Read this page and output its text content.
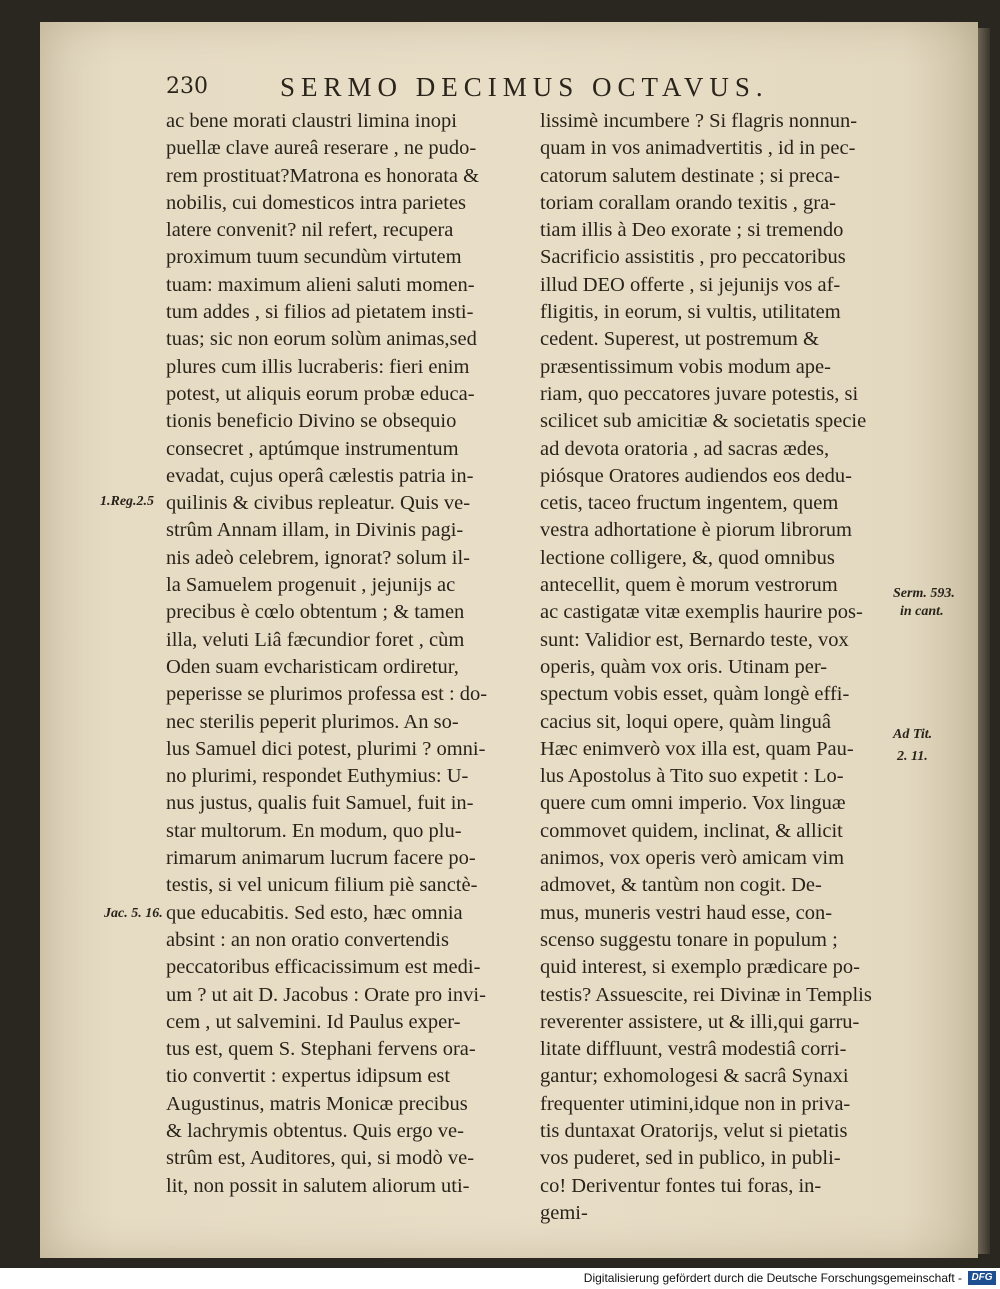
230	SERMO DECIMUS OCTAVUS.
ac bene morati claustri limina inopi
puellæ clave aureâ reserare , ne pudo-
rem prostituat?Matrona es honorata &
nobilis, cui domesticos intra parietes
latere convenit? nil refert, recupera
proximum tuum secundùm virtutem
tuam: maximum alieni saluti momen-
tum addes , si filios ad pietatem insti-
tuas; sic non eorum solùm animas,sed
plures cum illis lucraberis: fieri enim
potest, ut aliquis eorum probæ educa-
tionis beneficio Divino se obsequio
consecret , aptúmque instrumentum
evadat, cujus operâ cælestis patria in-
quilinis & civibus repleatur. Quis ve-
strûm Annam illam, in Divinis pagi-
nis adeò celebrem, ignorat? solum il-
la Samuelem progenuit , jejunijs ac
precibus è cœlo obtentum ; & tamen
illa, veluti Liâ fæcundior foret , cùm
Oden suam evcharisticam ordiretur,
peperisse se plurimos professa est : do-
nec sterilis peperit plurimos. An so-
lus Samuel dici potest, plurimi ? omni-
no plurimi, respondet Euthymius: U-
nus justus, qualis fuit Samuel, fuit in-
star multorum. En modum, quo plu-
rimarum animarum lucrum facere po-
testis, si vel unicum filium piè sanctè-
que educabitis. Sed esto, hæc omnia
absint : an non oratio convertendis
peccatoribus efficacissimum est medi-
um ? ut ait D. Jacobus : Orate pro invi-
cem , ut salvemini. Id Paulus exper-
tus est, quem S. Stephani fervens ora-
tio convertit : expertus idipsum est
Augustinus, matris Monicæ precibus
& lachrymis obtentus. Quis ergo ve-
strûm est, Auditores, qui, si modò ve-
lit, non possit in salutem aliorum uti-
lissimè incumbere ? Si flagris nonnun-
quam in vos animadvertitis , id in pec-
catorum salutem destinate ; si preca-
toriam corallam orando texitis , gra-
tiam illis à Deo exorate ; si tremendo
Sacrificio assistitis , pro peccatoribus
illud DEO offerte , si jejunijs vos af-
fligitis, in eorum, si vultis, utilitatem
cedent. Superest, ut postremum &
præsentissimum vobis modum ape-
riam, quo peccatores juvare potestis, si
scilicet sub amicitiæ & societatis specie
ad devota oratoria , ad sacras ædes,
piósque Oratores audiendos eos dedu-
cetis, taceo fructum ingentem, quem
vestra adhortatione è piorum librorum
lectione colligere, &, quod omnibus
antecellit, quem è morum vestrorum
ac castigatæ vitæ exemplis haurire pos-
sunt: Validior est, Bernardo teste, vox
operis, quàm vox oris. Utinam per-
spectum vobis esset, quàm longè effi-
cacius sit, loqui opere, quàm linguâ
Hæc enimverò vox illa est, quam Pau-
lus Apostolus à Tito suo expetit : Lo-
quere cum omni imperio. Vox linguæ
commovet quidem, inclinat, & allicit
animos, vox operis verò amicam vim
admovet, & tantùm non cogit. De-
mus, muneris vestri haud esse, con-
scenso suggestu tonare in populum ;
quid interest, si exemplo prædicare po-
testis? Assuescite, rei Divinæ in Templis
reverenter assistere, ut & illi,qui garru-
litate diffluunt, vestrâ modestiâ corri-
gantur; exhomologesi & sacrâ Synaxi
frequenter utimini,idque non in priva-
tis duntaxat Oratorijs, velut si pietatis
vos puderet, sed in publico, in publi-
co! Deriventur fontes tui foras, in-
gemi-
1.Reg.2.5
Serm. 593.
in cant.
Ad Tit.
2. 11.
Jac. 5. 16.
Digitalisierung gefördert durch die Deutsche Forschungsgemeinschaft - DFG
